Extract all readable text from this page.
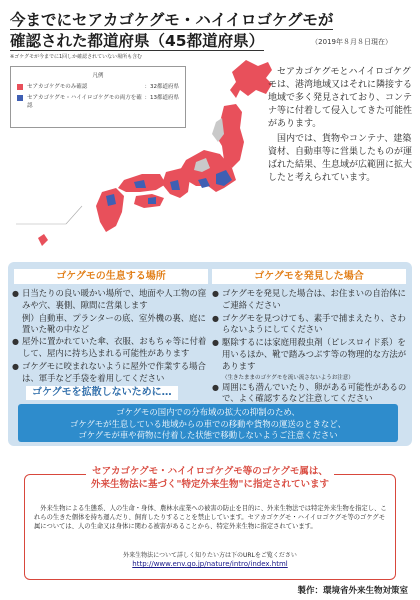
今までにセアカゴケグモ・ハイイロゴケグモが
確認された都道府県（45都道府県）	（2019年８月８日現在）
※ゴケグモが今までに1回しか確認されていない場所も含む
凡例
セアカゴケグモのみ確認	：32都道府県
セアカゴケグモ・ハイイロゴケグモの両方を確認
：13都道府県

セアカゴケグモとハイイロゴケグモは、港湾地域又はそれに隣接する地域で多く発見されており、コンテナ等に付着して侵入してきた可能性があります。

国内では、貨物やコンテナ、建築資材、自動車等に営巣したものが運ばれた結果、生息域が広範囲に拡大したと考えられています。

ゴケグモの生息する場所	ゴケグモを発見した場合
● 日当たりの良い暖かい場所で、地面や人工物の窪みや穴、裏側、隙間に営巣します
例）自動車、プランターの底、室外機の裏、庭に置いた靴の中など
● 屋外に置かれていた傘、衣服、おもちゃ等に付着して、屋内に持ち込まれる可能性があります
● ゴケグモに咬まれないように屋外で作業する場合は、軍手など手袋を着用してください
● ゴケグモを発見した場合は、お住まいの自治体にご連絡ください
● ゴケグモを見つけても、素手で捕まえたり、さわらないようにしてください
● 駆除するには家庭用殺虫剤（ピレスロイド系）を用いるほか、靴で踏みつぶす等の物理的な方法があります
（生きたままのゴケグモを流い流さないようお注意）
● 周囲にも潜んでいたり、卵がある可能性があるので、よく確認するなど注意してください
ゴケグモを拡散しないために…
ゴケグモの国内での分布域の拡大の抑制のため、
ゴケグモが生息している地域からの車での移動や貨物の運送のときなど、
ゴケグモが車や荷物に付着した状態で移動しないようご注意ください
セアカゴケグモ・ハイイロゴケグモ等のゴケグモ属は、
外来生物法に基づく"特定外来生物"に指定されています
外来生物による生態系、人の生命・身体、農林水産業への被害の防止を目的に、外来生物法では特定外来生物を指定し、これらの生きた個体を持ち運んだり、飼育したりすることを禁止しています。セアカゴケグモ・ハイイロゴケグモ等のゴケグモ属については、人の生命又は身体に関わる被害があることから、特定外来生物に指定されています。
外来生物法について詳しく知りたい方は下のURLをご覧ください
http://www.env.go.jp/nature/intro/index.html
製作：環境省外来生物対策室
